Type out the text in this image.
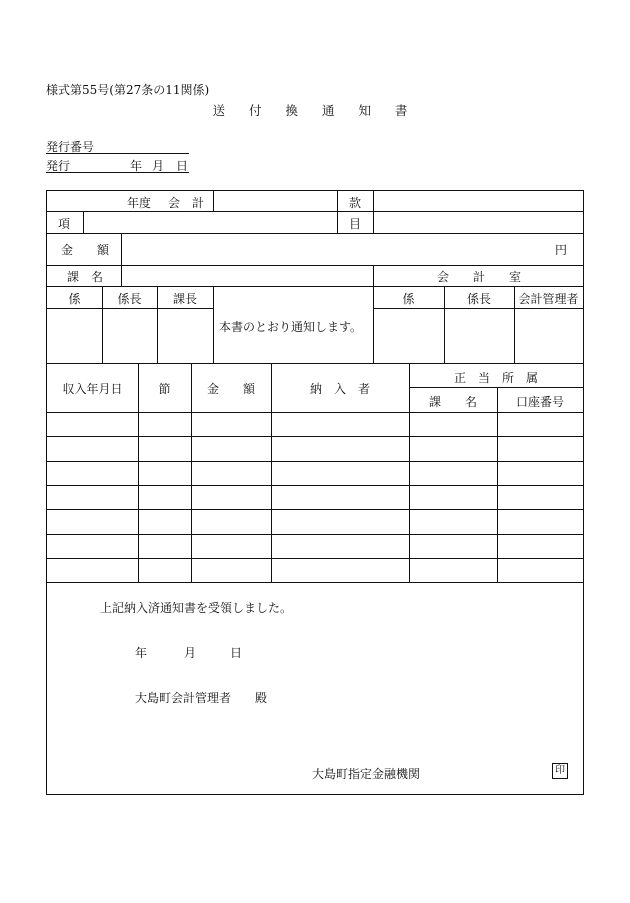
様式第55号(第27条の11関係)
送 付 換 通 知 書
発行番号
発行	年 月 日
年度 会　計	款
項	目
金　　額	円
課　名	会　　計　　室
係	係長	課長	係	係長	会計管理者
本書のとおり通知します。
収入年月日	節	金　　額	納　入　者
正　当　所　属
課　　名	口座番号
上記納入済通知書を受領しました。
年	月	日
大島町会計管理者　　殿
大島町指定金融機関	印
